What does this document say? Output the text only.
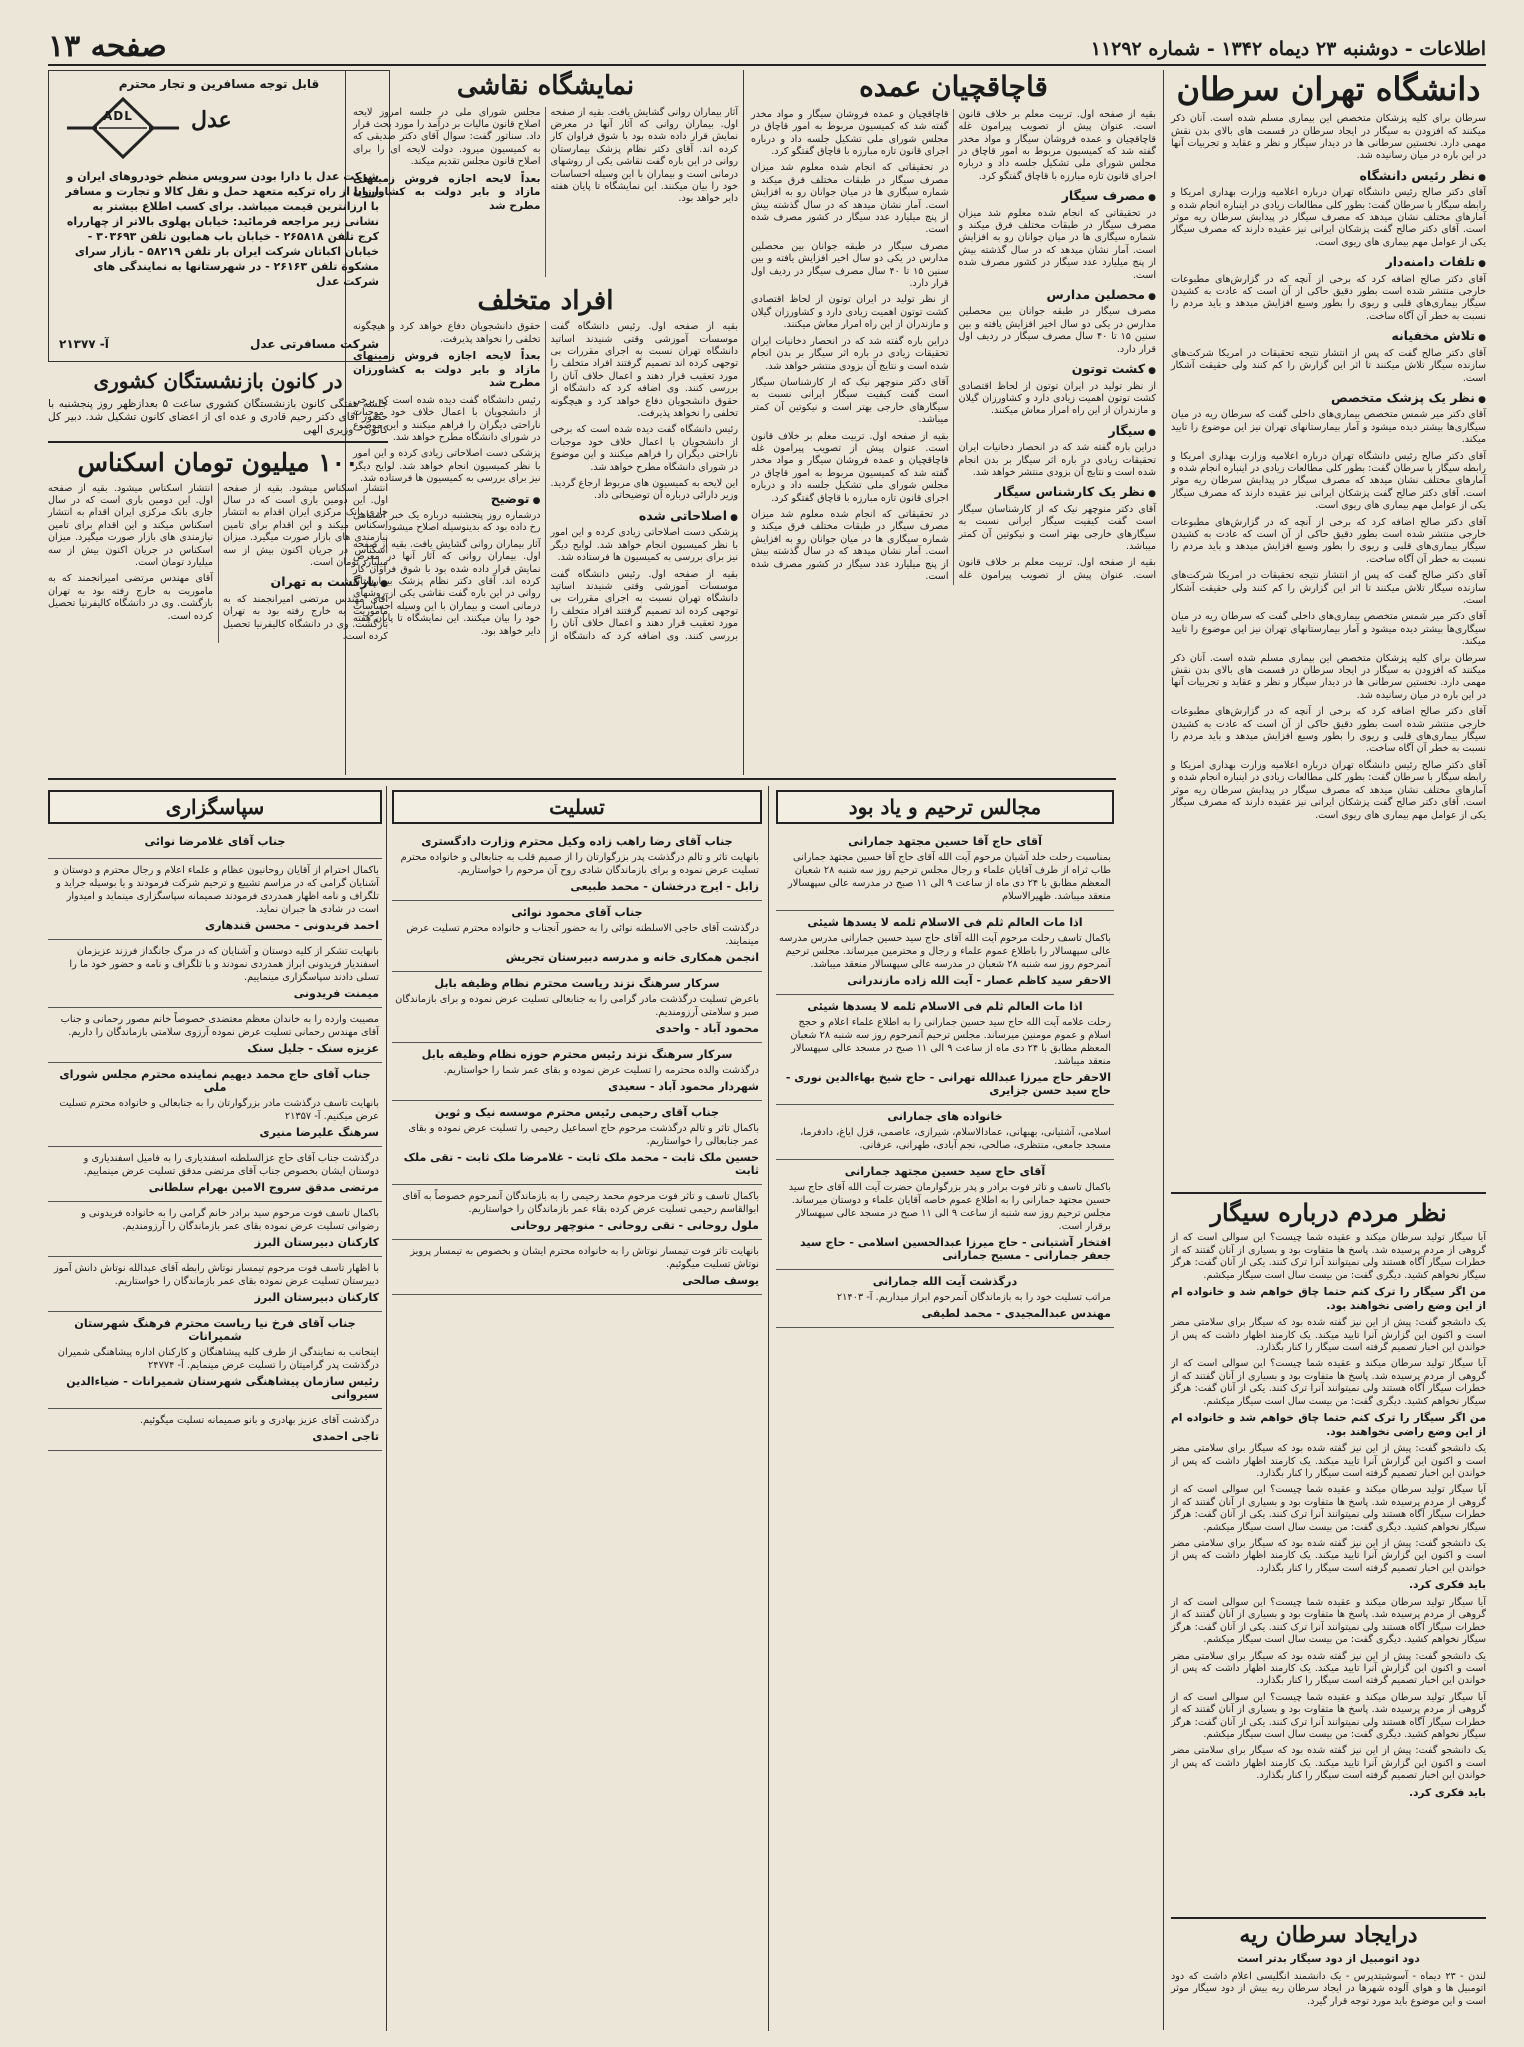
اطلاعات - دوشنبه ۲۳ دیماه ۱۳۴۲ - شماره ۱۱۲۹۲
صفحه ۱۳
دانشگاه تهران سرطان
سرطان برای کلیه پزشکان متخصص این بیماری مسلم شده است. آنان ذکر میکنند که افزودن به سیگار در ایجاد سرطان در قسمت های بالای بدن نقش مهمی دارد. نخستین سرطانی ها در دیدار سیگار و نظر و عقاید و تجربیات آنها در این باره در میان رسانیده شد.
● نظر رئیس دانشگاه
آقای دکتر صالح رئیس دانشگاه تهران درباره اعلامیه وزارت بهداری امریکا و رابطه سیگار با سرطان گفت: بطور کلی مطالعات زیادی در اینباره انجام شده و آمارهای مختلف نشان میدهد که مصرف سیگار در پیدایش سرطان ریه موثر است. آقای دکتر صالح گفت پزشکان ایرانی نیز عقیده دارند که مصرف سیگار یکی از عوامل مهم بیماری های ریوی است.
● تلفات دامنه‌دار
آقای دکتر صالح اضافه کرد که برخی از آنچه که در گزارش‌های مطبوعات خارجی منتشر شده است بطور دقیق حاکی از آن است که عادت به کشیدن سیگار بیماری‌های قلبی و ریوی را بطور وسیع افزایش میدهد و باید مردم را نسبت به خطر آن آگاه ساخت.
● تلاش مخفیانه
آقای دکتر صالح گفت که پس از انتشار نتیجه تحقیقات در امریکا شرکت‌های سازنده سیگار تلاش میکنند تا اثر این گزارش را کم کنند ولی حقیقت آشکار است.
● نظر یک پزشک متخصص
آقای دکتر میر شمس متخصص بیماری‌های داخلی گفت که سرطان ریه در میان سیگاری‌ها بیشتر دیده میشود و آمار بیمارستانهای تهران نیز این موضوع را تایید میکند.
آقای دکتر صالح رئیس دانشگاه تهران درباره اعلامیه وزارت بهداری امریکا و رابطه سیگار با سرطان گفت: بطور کلی مطالعات زیادی در اینباره انجام شده و آمارهای مختلف نشان میدهد که مصرف سیگار در پیدایش سرطان ریه موثر است. آقای دکتر صالح گفت پزشکان ایرانی نیز عقیده دارند که مصرف سیگار یکی از عوامل مهم بیماری های ریوی است.
آقای دکتر صالح اضافه کرد که برخی از آنچه که در گزارش‌های مطبوعات خارجی منتشر شده است بطور دقیق حاکی از آن است که عادت به کشیدن سیگار بیماری‌های قلبی و ریوی را بطور وسیع افزایش میدهد و باید مردم را نسبت به خطر آن آگاه ساخت.
آقای دکتر صالح گفت که پس از انتشار نتیجه تحقیقات در امریکا شرکت‌های سازنده سیگار تلاش میکنند تا اثر این گزارش را کم کنند ولی حقیقت آشکار است.
آقای دکتر میر شمس متخصص بیماری‌های داخلی گفت که سرطان ریه در میان سیگاری‌ها بیشتر دیده میشود و آمار بیمارستانهای تهران نیز این موضوع را تایید میکند.
سرطان برای کلیه پزشکان متخصص این بیماری مسلم شده است. آنان ذکر میکنند که افزودن به سیگار در ایجاد سرطان در قسمت های بالای بدن نقش مهمی دارد. نخستین سرطانی ها در دیدار سیگار و نظر و عقاید و تجربیات آنها در این باره در میان رسانیده شد.
آقای دکتر صالح اضافه کرد که برخی از آنچه که در گزارش‌های مطبوعات خارجی منتشر شده است بطور دقیق حاکی از آن است که عادت به کشیدن سیگار بیماری‌های قلبی و ریوی را بطور وسیع افزایش میدهد و باید مردم را نسبت به خطر آن آگاه ساخت.
آقای دکتر صالح رئیس دانشگاه تهران درباره اعلامیه وزارت بهداری امریکا و رابطه سیگار با سرطان گفت: بطور کلی مطالعات زیادی در اینباره انجام شده و آمارهای مختلف نشان میدهد که مصرف سیگار در پیدایش سرطان ریه موثر است. آقای دکتر صالح گفت پزشکان ایرانی نیز عقیده دارند که مصرف سیگار یکی از عوامل مهم بیماری های ریوی است.
نظر مردم درباره سیگار
آیا سیگار تولید سرطان میکند و عقیده شما چیست؟ این سوالی است که از گروهی از مردم پرسیده شد. پاسخ ها متفاوت بود و بسیاری از آنان گفتند که از خطرات سیگار آگاه هستند ولی نمیتوانند آنرا ترک کنند. یکی از آنان گفت: هرگز سیگار نخواهم کشید. دیگری گفت: من بیست سال است سیگار میکشم.
من اگر سیگار را ترک کنم حتما چاق خواهم شد و خانواده ام از این وضع راضی نخواهند بود.
یک دانشجو گفت: پیش از این نیز گفته شده بود که سیگار برای سلامتی مضر است و اکنون این گزارش آنرا تایید میکند. یک کارمند اظهار داشت که پس از خواندن این اخبار تصمیم گرفته است سیگار را کنار بگذارد.
آیا سیگار تولید سرطان میکند و عقیده شما چیست؟ این سوالی است که از گروهی از مردم پرسیده شد. پاسخ ها متفاوت بود و بسیاری از آنان گفتند که از خطرات سیگار آگاه هستند ولی نمیتوانند آنرا ترک کنند. یکی از آنان گفت: هرگز سیگار نخواهم کشید. دیگری گفت: من بیست سال است سیگار میکشم.
من اگر سیگار را ترک کنم حتما چاق خواهم شد و خانواده ام از این وضع راضی نخواهند بود.
یک دانشجو گفت: پیش از این نیز گفته شده بود که سیگار برای سلامتی مضر است و اکنون این گزارش آنرا تایید میکند. یک کارمند اظهار داشت که پس از خواندن این اخبار تصمیم گرفته است سیگار را کنار بگذارد.
آیا سیگار تولید سرطان میکند و عقیده شما چیست؟ این سوالی است که از گروهی از مردم پرسیده شد. پاسخ ها متفاوت بود و بسیاری از آنان گفتند که از خطرات سیگار آگاه هستند ولی نمیتوانند آنرا ترک کنند. یکی از آنان گفت: هرگز سیگار نخواهم کشید. دیگری گفت: من بیست سال است سیگار میکشم.
یک دانشجو گفت: پیش از این نیز گفته شده بود که سیگار برای سلامتی مضر است و اکنون این گزارش آنرا تایید میکند. یک کارمند اظهار داشت که پس از خواندن این اخبار تصمیم گرفته است سیگار را کنار بگذارد.
باید فکری کرد.
آیا سیگار تولید سرطان میکند و عقیده شما چیست؟ این سوالی است که از گروهی از مردم پرسیده شد. پاسخ ها متفاوت بود و بسیاری از آنان گفتند که از خطرات سیگار آگاه هستند ولی نمیتوانند آنرا ترک کنند. یکی از آنان گفت: هرگز سیگار نخواهم کشید. دیگری گفت: من بیست سال است سیگار میکشم.
یک دانشجو گفت: پیش از این نیز گفته شده بود که سیگار برای سلامتی مضر است و اکنون این گزارش آنرا تایید میکند. یک کارمند اظهار داشت که پس از خواندن این اخبار تصمیم گرفته است سیگار را کنار بگذارد.
آیا سیگار تولید سرطان میکند و عقیده شما چیست؟ این سوالی است که از گروهی از مردم پرسیده شد. پاسخ ها متفاوت بود و بسیاری از آنان گفتند که از خطرات سیگار آگاه هستند ولی نمیتوانند آنرا ترک کنند. یکی از آنان گفت: هرگز سیگار نخواهم کشید. دیگری گفت: من بیست سال است سیگار میکشم.
یک دانشجو گفت: پیش از این نیز گفته شده بود که سیگار برای سلامتی مضر است و اکنون این گزارش آنرا تایید میکند. یک کارمند اظهار داشت که پس از خواندن این اخبار تصمیم گرفته است سیگار را کنار بگذارد.
باید فکری کرد.
درایجاد سرطان ریه
دود اتومبیل از دود سیگار بدتر است
لندن - ۲۳ دیماه - آسوشیتدپرس - یک دانشمند انگلیسی اعلام داشت که دود اتومبیل ها و هوای آلوده شهرها در ایجاد سرطان ریه بیش از دود سیگار موثر است و این موضوع باید مورد توجه قرار گیرد.
قاچاقچیان عمده
بقیه از صفحه اول. تربیت معلم بر خلاف قانون است. عنوان پیش از تصویب پیرامون غله قاچاقچیان و عمده فروشان سیگار و مواد مخدر گفته شد که کمیسیون مربوط به امور قاچاق در مجلس شورای ملی تشکیل جلسه داد و درباره اجرای قانون تازه مبارزه با قاچاق گفتگو کرد.
● مصرف سیگار
در تحقیقاتی که انجام شده معلوم شد میزان مصرف سیگار در طبقات مختلف فرق میکند و شماره سیگاری ها در میان جوانان رو به افزایش است. آمار نشان میدهد که در سال گذشته بیش از پنج میلیارد عدد سیگار در کشور مصرف شده است.
● محصلین مدارس
مصرف سیگار در طبقه جوانان بین محصلین مدارس در یکی دو سال اخیر افزایش یافته و بین سنین ۱۵ تا ۴۰ سال مصرف سیگار در ردیف اول قرار دارد.
● کشت توتون
از نظر تولید در ایران توتون از لحاظ اقتصادی کشت توتون اهمیت زیادی دارد و کشاورزان گیلان و مازندران از این راه امرار معاش میکنند.
● سیگار
دراین باره گفته شد که در انحصار دخانیات ایران تحقیقات زیادی در باره اثر سیگار بر بدن انجام شده است و نتایج آن بزودی منتشر خواهد شد.
● نظر یک کارشناس سیگار
آقای دکتر منوچهر نیک که از کارشناسان سیگار است گفت کیفیت سیگار ایرانی نسبت به سیگارهای خارجی بهتر است و نیکوتین آن کمتر میباشد.
بقیه از صفحه اول. تربیت معلم بر خلاف قانون است. عنوان پیش از تصویب پیرامون غله قاچاقچیان و عمده فروشان سیگار و مواد مخدر گفته شد که کمیسیون مربوط به امور قاچاق در مجلس شورای ملی تشکیل جلسه داد و درباره اجرای قانون تازه مبارزه با قاچاق گفتگو کرد.
در تحقیقاتی که انجام شده معلوم شد میزان مصرف سیگار در طبقات مختلف فرق میکند و شماره سیگاری ها در میان جوانان رو به افزایش است. آمار نشان میدهد که در سال گذشته بیش از پنج میلیارد عدد سیگار در کشور مصرف شده است.
مصرف سیگار در طبقه جوانان بین محصلین مدارس در یکی دو سال اخیر افزایش یافته و بین سنین ۱۵ تا ۴۰ سال مصرف سیگار در ردیف اول قرار دارد.
از نظر تولید در ایران توتون از لحاظ اقتصادی کشت توتون اهمیت زیادی دارد و کشاورزان گیلان و مازندران از این راه امرار معاش میکنند.
دراین باره گفته شد که در انحصار دخانیات ایران تحقیقات زیادی در باره اثر سیگار بر بدن انجام شده است و نتایج آن بزودی منتشر خواهد شد.
آقای دکتر منوچهر نیک که از کارشناسان سیگار است گفت کیفیت سیگار ایرانی نسبت به سیگارهای خارجی بهتر است و نیکوتین آن کمتر میباشد.
بقیه از صفحه اول. تربیت معلم بر خلاف قانون است. عنوان پیش از تصویب پیرامون غله قاچاقچیان و عمده فروشان سیگار و مواد مخدر گفته شد که کمیسیون مربوط به امور قاچاق در مجلس شورای ملی تشکیل جلسه داد و درباره اجرای قانون تازه مبارزه با قاچاق گفتگو کرد.
در تحقیقاتی که انجام شده معلوم شد میزان مصرف سیگار در طبقات مختلف فرق میکند و شماره سیگاری ها در میان جوانان رو به افزایش است. آمار نشان میدهد که در سال گذشته بیش از پنج میلیارد عدد سیگار در کشور مصرف شده است.
نمایشگاه نقاشی
آثار بیماران روانی گشایش یافت. بقیه از صفحه اول. بیماران روانی که آثار آنها در معرض نمایش قرار داده شده بود با شوق فراوان کار کرده اند. آقای دکتر نظام پزشک بیمارستان روانی در این باره گفت نقاشی یکی از روشهای درمانی است و بیماران با این وسیله احساسات خود را بیان میکنند. این نمایشگاه تا پایان هفته دایر خواهد بود.
مجلس شورای ملی در جلسه امروز لایحه اصلاح قانون مالیات بر درآمد را مورد بحث قرار داد. سناتور گفت: سوال آقای دکتر صدیقی که به کمیسیون میرود. دولت لایحه ای را برای اصلاح قانون مجلس تقدیم میکند.
بعداً لایحه اجازه فروش زمینهای مازاد و بایر دولت به کشاورزان مطرح شد
افراد متخلف
بقیه از صفحه اول. رئیس دانشگاه گفت موسسات آموزشی وقتی شنیدند اساتید دانشگاه تهران نسبت به اجرای مقررات بی توجهی کرده اند تصمیم گرفتند افراد متخلف را مورد تعقیب قرار دهند و اعمال خلاف آنان را بررسی کنند. وی اضافه کرد که دانشگاه از حقوق دانشجویان دفاع خواهد کرد و هیچگونه تخلفی را نخواهد پذیرفت.
رئیس دانشگاه گفت دیده شده است که برخی از دانشجویان با اعمال خلاف خود موجبات ناراحتی دیگران را فراهم میکنند و این موضوع در شورای دانشگاه مطرح خواهد شد.
این لایحه به کمیسیون های مربوط ارجاع گردید. وزیر دارائی درباره آن توضیحاتی داد.
● اصلاحاتی شده
پزشکی دست اصلاحاتی زیادی کرده و این امور با نظر کمیسیون انجام خواهد شد. لوایح دیگر نیز برای بررسی به کمیسیون ها فرستاده شد.
بقیه از صفحه اول. رئیس دانشگاه گفت موسسات آموزشی وقتی شنیدند اساتید دانشگاه تهران نسبت به اجرای مقررات بی توجهی کرده اند تصمیم گرفتند افراد متخلف را مورد تعقیب قرار دهند و اعمال خلاف آنان را بررسی کنند. وی اضافه کرد که دانشگاه از حقوق دانشجویان دفاع خواهد کرد و هیچگونه تخلفی را نخواهد پذیرفت.
بعداً لایحه اجازه فروش زمینهای مازاد و بایر دولت به کشاورزان مطرح شد
رئیس دانشگاه گفت دیده شده است که برخی از دانشجویان با اعمال خلاف خود موجبات ناراحتی دیگران را فراهم میکنند و این موضوع در شورای دانشگاه مطرح خواهد شد.
پزشکی دست اصلاحاتی زیادی کرده و این امور با نظر کمیسیون انجام خواهد شد. لوایح دیگر نیز برای بررسی به کمیسیون ها فرستاده شد.
● توضیح
درشماره روز پنجشنبه درباره یک خبر اشتباهی رخ داده بود که بدینوسیله اصلاح میشود.
آثار بیماران روانی گشایش یافت. بقیه از صفحه اول. بیماران روانی که آثار آنها در معرض نمایش قرار داده شده بود با شوق فراوان کار کرده اند. آقای دکتر نظام پزشک بیمارستان روانی در این باره گفت نقاشی یکی از روشهای درمانی است و بیماران با این وسیله احساسات خود را بیان میکنند. این نمایشگاه تا پایان هفته دایر خواهد بود.
قابل توجه مسافرین و تجار محترم
ADL	عدل
شرکت عدل با دارا بودن سرویس منظم خودروهای ایران و اروپا از راه ترکیه متعهد حمل و نقل کالا و تجارت و مسافر با ارزانترین قیمت میباشد. برای کسب اطلاع بیشتر به نشانی زیر مراجعه فرمائید: خیابان پهلوی بالاتر از چهارراه کرج تلفن ۲۶۵۸۱۸ - خیابان باب همایون تلفن ۳۰۳۶۹۳ - خیابان اکباتان شرکت ایران بار تلفن ۵۸۲۱۹ - بازار سرای مشکوة تلفن ۲۶۱۶۳ - در شهرستانها به نمایندگی های شرکت عدل
شرکت مسافرتی عدل
آ- ۲۱۳۷۷
در کانون بازنشستگان کشوری
جلسه هفتگی کانون بازنشستگان کشوری ساعت ۵ بعدازظهر روز پنجشنبه با حضور آقای دکتر رحیم قادری و عده ای از اعضای کانون تشکیل شد. دبیر کل کانون - وزیری الهی
۱۰۰ میلیون تومان اسکناس
انتشار اسکناس میشود. بقیه از صفحه اول. این دومین باری است که در سال جاری بانک مرکزی ایران اقدام به انتشار اسکناس میکند و این اقدام برای تامین نیازمندی های بازار صورت میگیرد. میزان اسکناس در جریان اکنون بیش از سه میلیارد تومان است.
● بازگشت به تهران
آقای مهندس مرتضی امیرانجمند که به ماموریت به خارج رفته بود به تهران بازگشت. وی در دانشگاه کالیفرنیا تحصیل کرده است.
انتشار اسکناس میشود. بقیه از صفحه اول. این دومین باری است که در سال جاری بانک مرکزی ایران اقدام به انتشار اسکناس میکند و این اقدام برای تامین نیازمندی های بازار صورت میگیرد. میزان اسکناس در جریان اکنون بیش از سه میلیارد تومان است.
آقای مهندس مرتضی امیرانجمند که به ماموریت به خارج رفته بود به تهران بازگشت. وی در دانشگاه کالیفرنیا تحصیل کرده است.
مجالس ترحیم و یاد بود
آقای حاج آقا حسین مجتهد جمارانی
بمناسبت رحلت خلد آشیان مرحوم آیت الله آقای حاج آقا حسین مجتهد جمارانی طاب ثراه از طرف آقایان علماء و رجال مجلس ترحیم روز سه شنبه ۲۸ شعبان المعظم مطابق با ۲۴ دی ماه از ساعت ۹ الی ۱۱ صبح در مدرسه عالی سپهسالار منعقد میباشد. ظهیرالاسلام
اذا مات العالم ثلم فی الاسلام ثلمه لا یسدها شیئی
باکمال تاسف رحلت مرحوم آیت الله آقای حاج سید حسین جمارانی مدرس مدرسه عالی سپهسالار را باطلاع عموم علماء و رجال و محترمین میرساند. مجلس ترحیم آنمرحوم روز سه شنبه ۲۸ شعبان در مدرسه عالی سپهسالار منعقد میباشد.
الاحقر سید کاظم عصار - آیت الله زاده مازندرانی
اذا مات العالم ثلم فی الاسلام ثلمه لا یسدها شیئی
رحلت علامه آیت الله حاج سید حسین جمارانی را به اطلاع علماء اعلام و حجج اسلام و عموم مومنین میرساند. مجلس ترحیم آنمرحوم روز سه شنبه ۲۸ شعبان المعظم مطابق با ۲۴ دی ماه از ساعت ۹ الی ۱۱ صبح در مسجد عالی سپهسالار منعقد میباشد.
الاحقر حاج میرزا عبدالله تهرانی - حاج شیخ بهاءالدین نوری - حاج سید حسن جزایری
خانواده های جمارانی
اسلامی، آشتیانی، بهبهانی، عمادالاسلام، شیرازی، عاصمی، قزل ایاغ، دادفرما، مسجد جامعی، منتظری، صالحی، نجم آبادی، طهرانی، عرفانی.
آقای حاج سید حسین مجتهد جمارانی
باکمال تاسف و تاثر فوت برادر و پدر بزرگوارمان حضرت آیت الله آقای حاج سید حسین مجتهد جمارانی را به اطلاع عموم خاصه آقایان علماء و دوستان میرساند. مجلس ترحیم روز سه شنبه از ساعت ۹ الی ۱۱ صبح در مسجد عالی سپهسالار برقرار است.
افتخار آشتیانی - حاج میرزا عبدالحسین اسلامی - حاج سید جعفر جمارانی - مسیح جمارانی
درگذشت آیت الله جمارانی
مراتب تسلیت خود را به بازماندگان آنمرحوم ابراز میداریم. آ- ۲۱۴۰۳
مهندس عبدالمجیدی - محمد لطیفی
تسلیت
جناب آقای رضا راهب زاده وکیل محترم وزارت دادگستری
بانهایت تاثر و تالم درگذشت پدر بزرگوارتان را از صمیم قلب به جنابعالی و خانواده محترم تسلیت عرض نموده و برای بازماندگان شادی روح آن مرحوم را خواستاریم.
زابل - ایرج درخشان - محمد طبیعی
جناب آقای محمود نوائی
درگذشت آقای حاجی الاسلطنه نوائی را به حضور آنجناب و خانواده محترم تسلیت عرض مینمایند.
انجمن همکاری خانه و مدرسه دبیرستان تجریش
سرکار سرهنگ نزند ریاست محترم نظام وظیفه بابل
باعرض تسلیت درگذشت مادر گرامی را به جنابعالی تسلیت عرض نموده و برای بازماندگان صبر و سلامتی آرزومندیم.
محمود آباد - واحدی
سرکار سرهنگ نزند رئیس محترم حوزه نظام وظیفه بابل
درگذشت والده محترمه را تسلیت عرض نموده و بقای عمر شما را خواستاریم.
شهردار محمود آباد - سعیدی
جناب آقای رحیمی رئیس محترم موسسه نیک و ثوین
باکمال تاثر و تالم درگذشت مرحوم حاج اسماعیل رحیمی را تسلیت عرض نموده و بقای عمر جنابعالی را خواستاریم.
حسین ملک ثابت - محمد ملک ثابت - غلامرضا ملک ثابت - تقی ملک ثابت
باکمال تاسف و تاثر فوت مرحوم محمد رحیمی را به بازماندگان آنمرحوم خصوصاً به آقای ابوالقاسم رحیمی تسلیت عرض کرده بقاء عمر بازماندگان را خواستاریم.
ملول روحانی - تقی روحانی - منوچهر روحانی
بانهایت تاثر فوت تیمسار نوتاش را به خانواده محترم ایشان و بخصوص به تیمسار پرویز نوتاش تسلیت میگوئیم.
یوسف صالحی
سپاسگزاری
جناب آقای غلامرضا نوائی
باکمال احترام از آقایان روحانیون عظام و علماء اعلام و رجال محترم و دوستان و آشنایان گرامی که در مراسم تشییع و ترحیم شرکت فرمودند و یا بوسیله جراید و تلگراف و نامه اظهار همدردی فرمودند صمیمانه سپاسگزاری مینماید و امیدوار است در شادی ها جبران نماید.
احمد فریدونی - محسن قندهاری
بانهایت تشکر از کلیه دوستان و آشنایان که در مرگ جانگداز فرزند عزیزمان اسفندیار فریدونی ابراز همدردی نمودند و با تلگراف و نامه و حضور خود ما را تسلی دادند سپاسگزاری مینماییم.
میمنت فریدونی
مصیبت وارده را به خاندان معظم معتضدی خصوصاً خانم مصور رحمانی و جناب آقای مهندس رحمانی تسلیت عرض نموده آرزوی سلامتی بازماندگان را داریم.
عزیزه سنک - جلیل سنک
جناب آقای حاج محمد دیهیم نماینده محترم مجلس شورای ملی
بانهایت تاسف درگذشت مادر بزرگوارتان را به جنابعالی و خانواده محترم تسلیت عرض میکنیم. آ- ۲۱۳۵۷
سرهنگ علیرضا منیری
درگذشت جناب آقای حاج عزالسلطنه اسفندیاری را به فامیل اسفندیاری و دوستان ایشان بخصوص جناب آقای مرتضی مدقق تسلیت عرض مینماییم.
مرتضی مدقق سروج الامین بهرام سلطانی
باکمال تاسف فوت مرحوم سید برادر خانم گرامی را به خانواده فریدونی و رضوانی تسلیت عرض نموده بقای عمر بازماندگان را آرزومندیم.
کارکنان دبیرستان البرز
با اظهار تاسف فوت مرحوم تیمسار نوتاش رابطه آقای عبدالله نوتاش دانش آموز دبیرستان تسلیت عرض نموده بقای عمر بازماندگان را خواستاریم.
کارکنان دبیرستان البرز
جناب آقای فرخ نیا ریاست محترم فرهنگ شهرستان شمیرانات
اینجانب به نمایندگی از طرف کلیه پیشاهنگان و کارکنان اداره پیشاهنگی شمیران درگذشت پدر گرامیتان را تسلیت عرض مینمایم. آ- ۲۴۷۷۴
رئیس سازمان پیشاهنگی شهرستان شمیرانات - ضیاءالدین سیروانی
درگذشت آقای عزیز بهادری و بانو صمیمانه تسلیت میگوئیم.
تاجی احمدی
